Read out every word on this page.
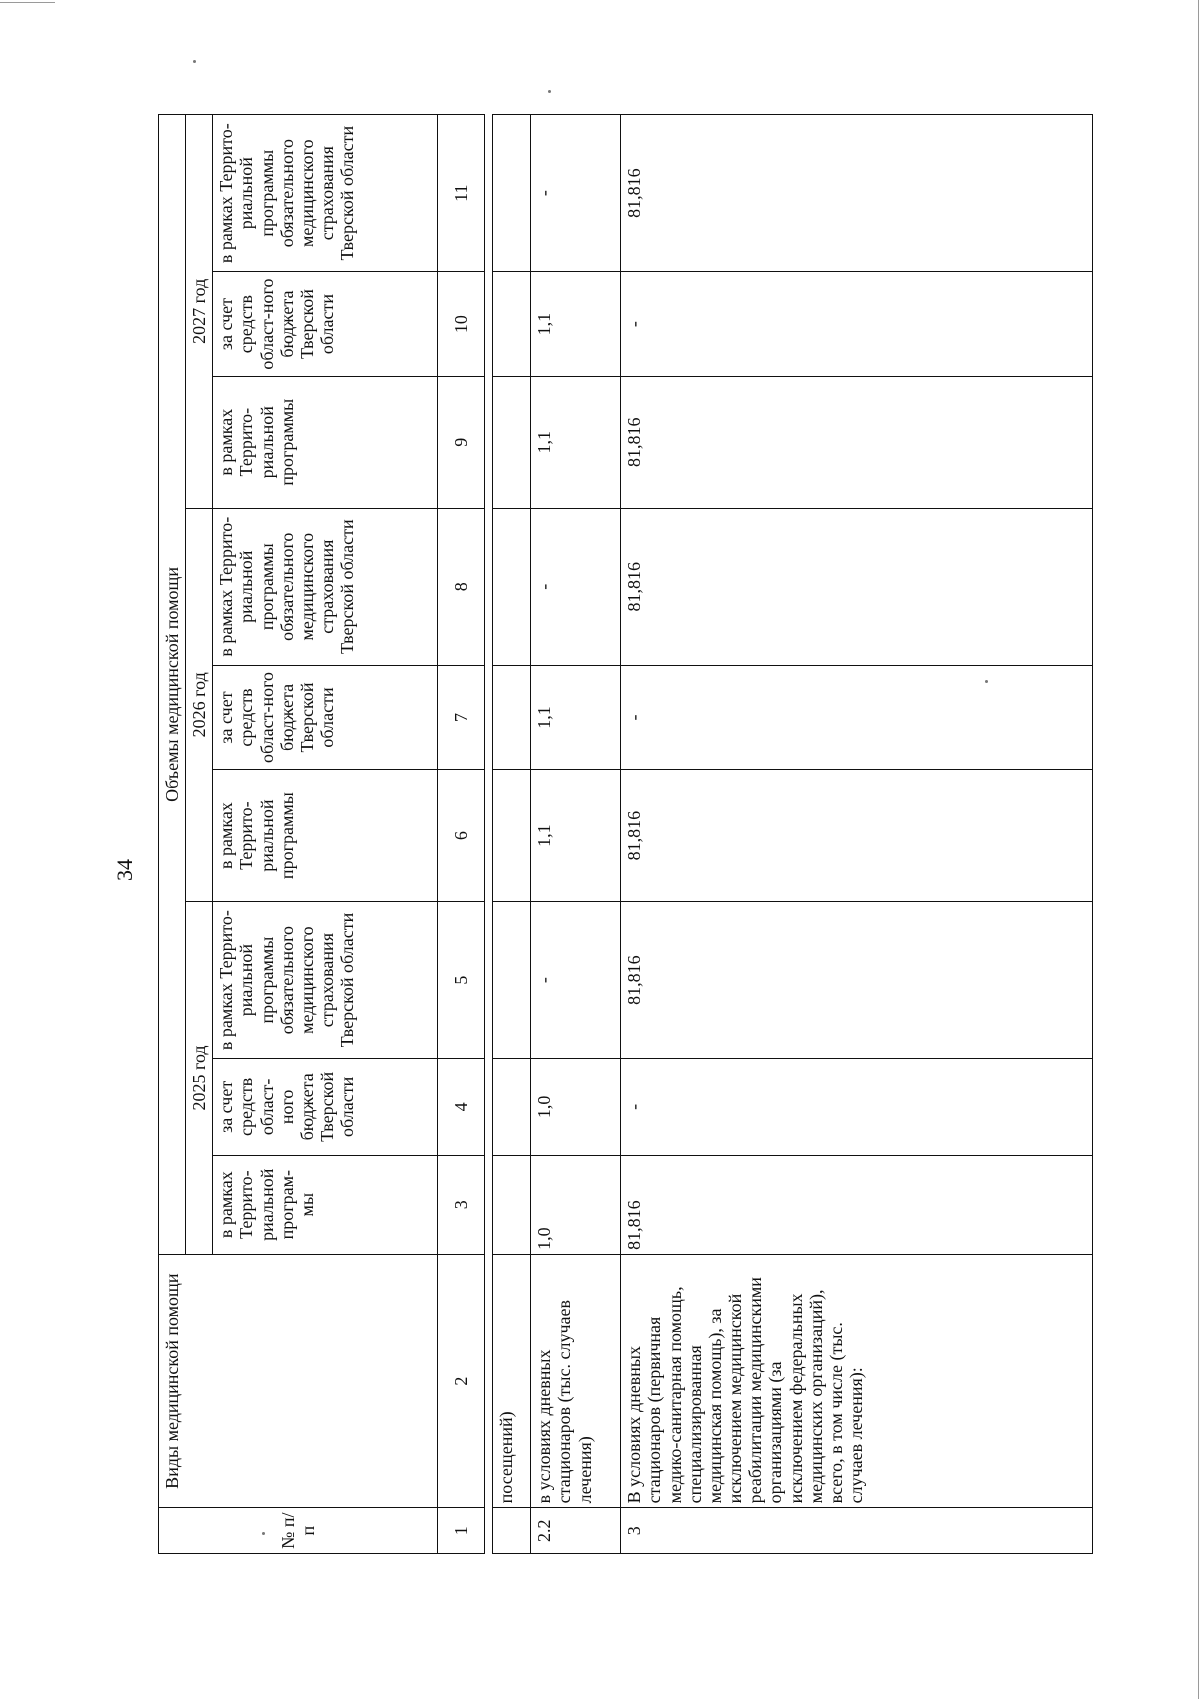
34
№ п/п	Виды медицинской помощи	Объемы медицинской помощи								
		2025 год			2026 год			2027 год		
		в рамках Террито-риальной програм-мы	за счет средств област-ного бюджета Тверской области	в рамках Террито-риальной программы обязательного медицинского страхования Тверской области	в рамках Террито-риальной программы	за счет средств област-ного бюджета Тверской области	в рамках Террито-риальной программы обязательного медицинского страхования Тверской области	в рамках Террито-риальной программы	за счет средств област-ного бюджета Тверской области	в рамках Террито-риальной программы обязательного медицинского страхования Тверской области
1	2	3	4	5	6	7	8	9	10	11

	посещений)									
2.2	в условиях дневных стационаров (тыс. случаев лечения)	1,0	1,0	-	1,1	1,1	-	1,1	1,1	-
3	В условиях дневных стационаров (первичная медико-санитарная помощь, специализированная медицинская помощь), за исключением медицинской реабилитации медицинскими организациями (за исключением федеральных медицинских организаций), всего, в том числе (тыс. случаев лечения):	81,816	-	81,816	81,816	-	81,816	81,816	-	81,816
